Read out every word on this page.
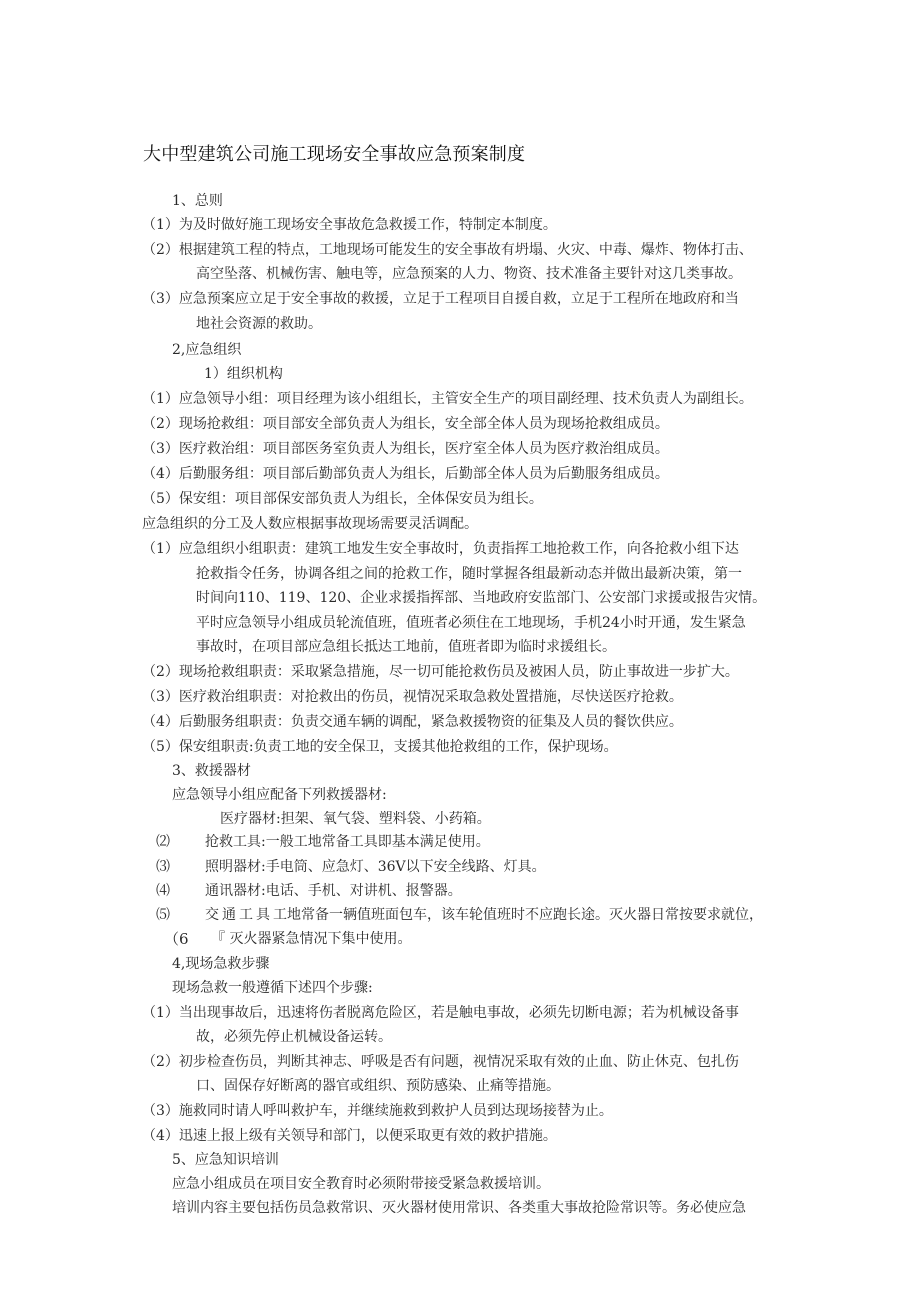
大中型建筑公司施工现场安全事故应急预案制度
1、总则
（1）为及时做好施工现场安全事故危急救援工作，特制定本制度。
（2）根据建筑工程的特点，工地现场可能发生的安全事故有坍塌、火灾、中毒、爆炸、物体打击、
高空坠落、机械伤害、触电等，应急预案的人力、物资、技术准备主要针对这几类事故。
（3）应急预案应立足于安全事故的救援，立足于工程项目自援自救，立足于工程所在地政府和当
地社会资源的救助。
2,应急组织
1）组织机构
（1）应急领导小组：项目经理为该小组组长，主管安全生产的项目副经理、技术负责人为副组长。
（2）现场抢救组：项目部安全部负责人为组长，安全部全体人员为现场抢救组成员。
（3）医疗救治组：项目部医务室负责人为组长，医疗室全体人员为医疗救治组成员。
（4）后勤服务组：项目部后勤部负责人为组长，后勤部全体人员为后勤服务组成员。
（5）保安组：项目部保安部负责人为组长，全体保安员为组长。
应急组织的分工及人数应根据事故现场需要灵活调配。
（1）应急组织小组职责：建筑工地发生安全事故时，负责指挥工地抢救工作，向各抢救小组下达
抢救指令任务，协调各组之间的抢救工作，随时掌握各组最新动态并做出最新决策，第一
时间向110、119、120、企业求援指挥部、当地政府安监部门、公安部门求援或报告灾情。
平时应急领导小组成员轮流值班，值班者必须住在工地现场，手机24小时开通，发生紧急
事故时，在项目部应急组长抵达工地前，值班者即为临时求援组长。
（2）现场抢救组职责：采取紧急措施，尽一切可能抢救伤员及被困人员，防止事故进一步扩大。
（3）医疗救治组职责：对抢救出的伤员，视情况采取急救处置措施，尽快送医疗抢救。
（4）后勤服务组职责：负责交通车辆的调配，紧急救援物资的征集及人员的餐饮供应。
（5）保安组职责:负责工地的安全保卫，支援其他抢救组的工作，保护现场。
3、救援器材
应急领导小组应配备下列救援器材:
医疗器材:担架、氧气袋、塑料袋、小药箱。
⑵	抢救工具:一般工地常备工具即基本满足使用。
⑶	照明器材:手电筒、应急灯、36V以下安全线路、灯具。
⑷	通讯器材:电话、手机、对讲机、报警器。
⑸	交通工具工地常备一辆值班面包车，该车轮值班时不应跑长途。灭火器日常按要求就位，
（6 『 灭火器紧急情况下集中使用。
4,现场急救步骤
现场急救一般遵循下述四个步骤:
（1）当出现事故后，迅速将伤者脱离危险区，若是触电事故，必须先切断电源；若为机械设备事
故，必须先停止机械设备运转。
（2）初步检查伤员，判断其神志、呼吸是否有问题，视情况采取有效的止血、防止休克、包扎伤
口、固保存好断离的器官或组织、预防感染、止痛等措施。
（3）施救同时请人呼叫救护车，并继续施救到救护人员到达现场接替为止。
（4）迅速上报上级有关领导和部门，以便采取更有效的救护措施。
5、应急知识培训
应急小组成员在项目安全教育时必须附带接受紧急救援培训。
培训内容主要包括伤员急救常识、灭火器材使用常识、各类重大事故抢险常识等。务必使应急
